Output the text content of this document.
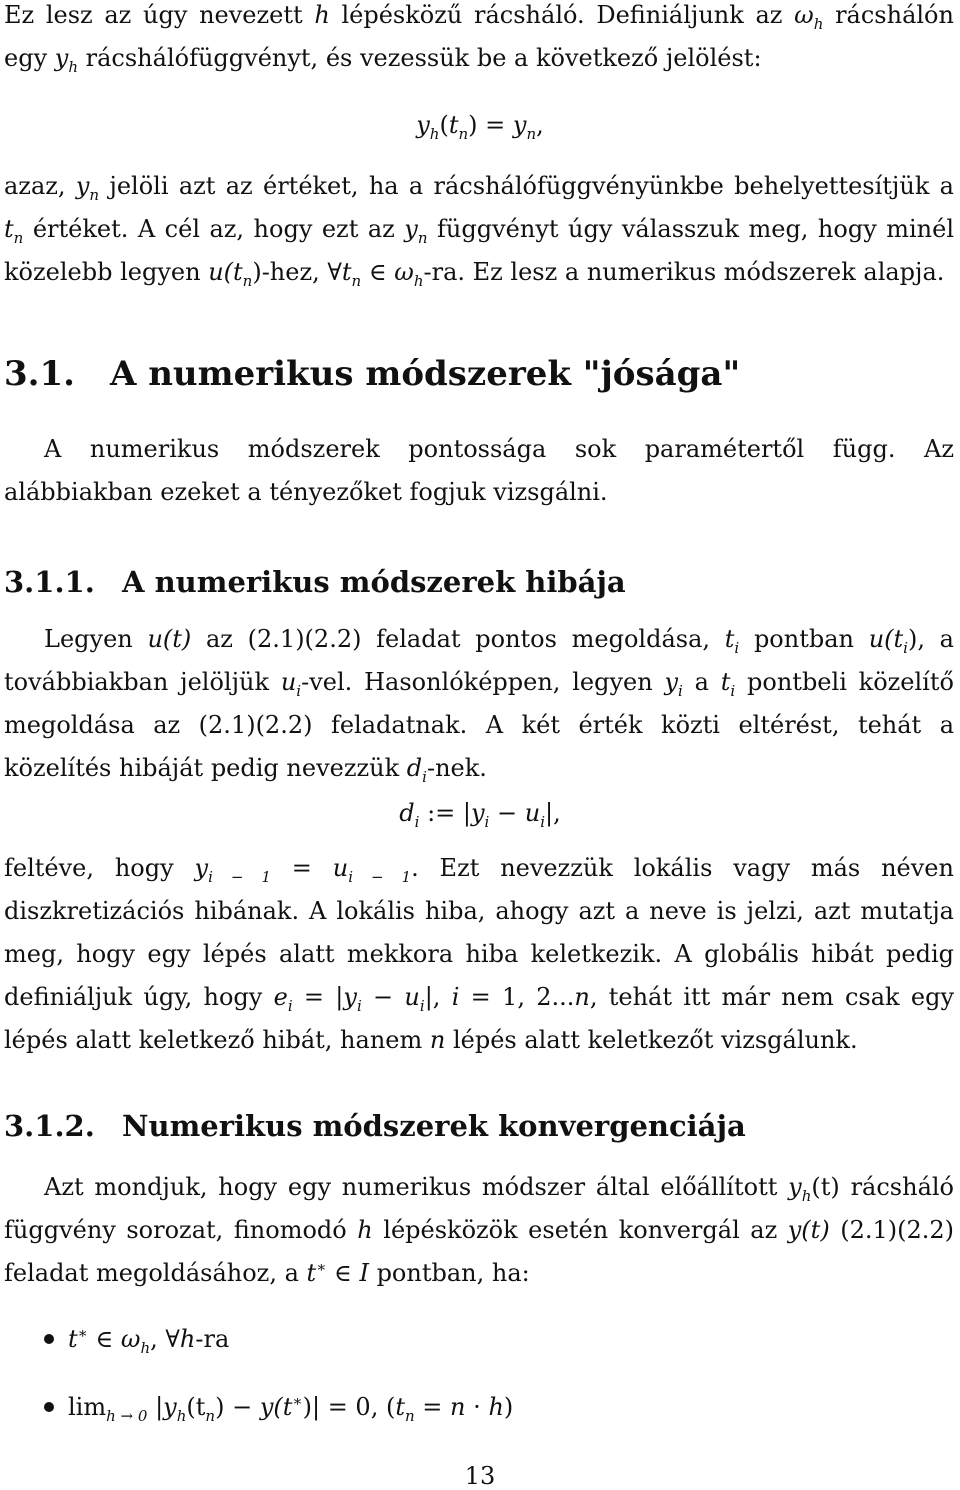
Ez lesz az úgy nevezett h lépésközű rácsháló. Definiáljunk az $\omega_h$ rácshálón egy $y_h$ rácshálófüggvényt, és vezessük be a következő jelölést:

$y_h(t_n) = y_n$,

azaz, $y_n$ jelöli azt az értéket, ha a rácshálófüggvényünkbe behelyettesítjük a $t_n$ értéket. A cél az, hogy ezt az $y_n$ függvényt úgy válasszuk meg, hogy minél közelebb legyen $u(t_n)$-hez, $\forall t_n$ ∈ $\omega_h-ra$. Ez lesz a numerikus módszerek alapja.

3.1. A numerikus módszerek "jósága"

A numerikus módszerek pontossága sok paramétertől függ. Az alábbiakban ezeket a tényezőket fogjuk vizsgálni.

3.1.1. A numerikus módszerek hibája

Legyen u(t) az (2.1)(2.2) feladat pontos megoldása, $t_i$ pontban $u(t_i)$, a továbbiakban jelöljük $u_i$-vel. Hasonlóképpen, legyen $y_i$ a $t_i$ pontbeli közelítő megoldása az (2.1)(2.2) feladatnak. A két érték közti eltérést, tehát a közelítés hibáját pedig nevezzük $d_i$-nek.

$d_i$ := $|y_i - u_i|$,

feltéve, hogy $y_{i - 1} = u_{i - 1}$. Ezt nevezzük lokális vagy más néven diszkretizációs hibának. A lokális hiba, ahogy azt a neve is jelzi, azt mutatja meg, hogy egy lépés alatt mekkora hiba keletkezik. A globális hibát pedig definiáljuk úgy, hogy $e_i = |y_i - u_i|$, i = 1, 2...n, tehát itt már nem csak egy lépés alatt keletkező hibát, hanem n lépés alatt keletkezőt vizsgálunk.

3.1.2. Numerikus módszerek konvergenciája

Azt mondjuk, hogy egy numerikus módszer által előállított $y_h(t)$ rácsháló függvény sorozat, finomodó h lépésközök esetén konvergál az y(t) (2.1)(2.2) feladat megoldásához, a t∗ ∈ I pontban, ha:

t∗ ∈ $\omega_h$, ∀h-ra
$\lim_{h \to 0} |y_h(t_n) - y(t^∗)| = 0$, $(t_n = n \cdot h)$
13
